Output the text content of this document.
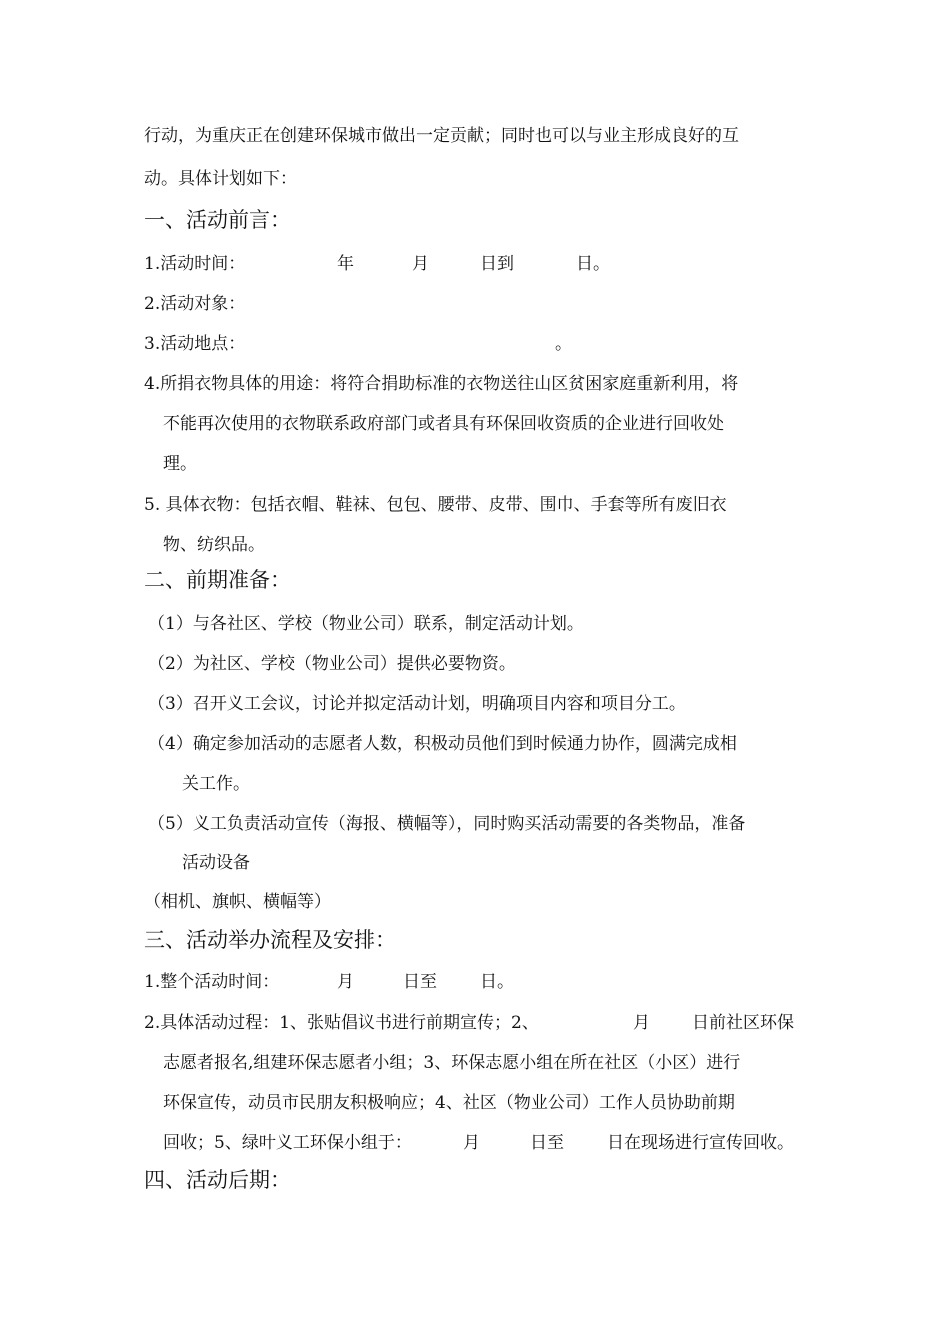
行动，为重庆正在创建环保城市做出一定贡献；同时也可以与业主形成良好的互
动。具体计划如下：
一、活动前言：
1.活动时间：	年	月	日到	日。
2.活动对象：
3.活动地点：	。
4.所捐衣物具体的用途：将符合捐助标准的衣物送往山区贫困家庭重新利用，将
不能再次使用的衣物联系政府部门或者具有环保回收资质的企业进行回收处
理。
5. 具体衣物：包括衣帽、鞋袜、包包、腰带、皮带、围巾、手套等所有废旧衣
物、纺织品。
二、前期准备：
（1）与各社区、学校（物业公司）联系，制定活动计划。
（2）为社区、学校（物业公司）提供必要物资。
（3）召开义工会议，讨论并拟定活动计划，明确项目内容和项目分工。
（4）确定参加活动的志愿者人数，积极动员他们到时候通力协作，圆满完成相
关工作。
（5）义工负责活动宣传（海报、横幅等），同时购买活动需要的各类物品，准备
活动设备
（相机、旗帜、横幅等）
三、活动举办流程及安排：
1.整个活动时间：	月	日至	日。
2.具体活动过程：1、张贴倡议书进行前期宣传；2、	月 日前社区环保
志愿者报名,组建环保志愿者小组；3、环保志愿小组在所在社区（小区）进行
环保宣传，动员市民朋友积极响应；4、社区（物业公司）工作人员协助前期
回收；5、绿叶义工环保小组于：	月	日至	日在现场进行宣传回收。
四、活动后期：
